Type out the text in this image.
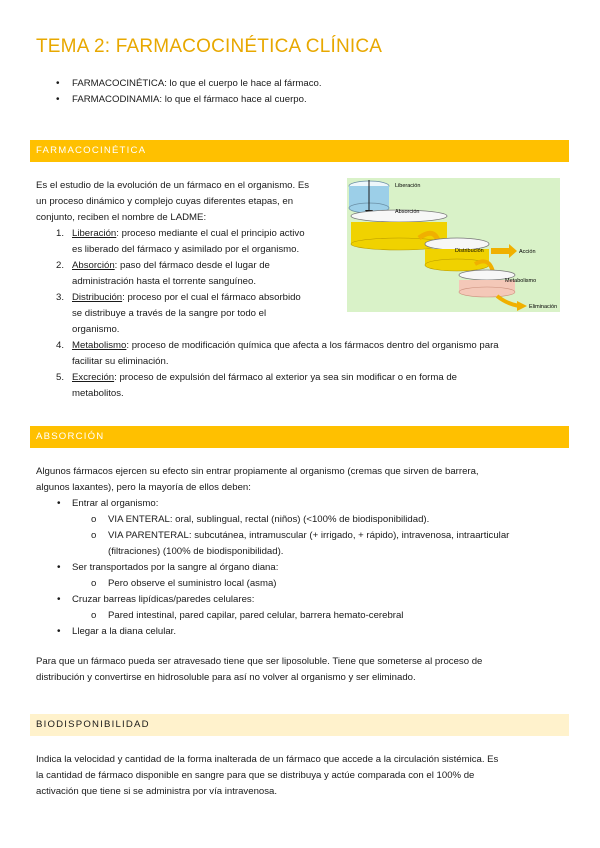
TEMA 2: FARMACOCINÉTICA CLÍNICA
• FARMACOCINÉTICA: lo que el cuerpo le hace al fármaco.
• FARMACODINAMIA: lo que el fármaco hace al cuerpo.
FARMACOCINÉTICA
Es el estudio de la evolución de un fármaco en el organismo. Es
un proceso dinámico y complejo cuyas diferentes etapas, en
conjunto, reciben el nombre de LADME:
1. Liberación: proceso mediante el cual el principio activo
es liberado del fármaco y asimilado por el organismo.
2. Absorción: paso del fármaco desde el lugar de
administración hasta el torrente sanguíneo.
3. Distribución: proceso por el cual el fármaco absorbido
se distribuye a través de la sangre por todo el
organismo.
4. Metabolismo: proceso de modificación química que afecta a los fármacos dentro del organismo para
facilitar su eliminación.
5. Excreción: proceso de expulsión del fármaco al exterior ya sea sin modificar o en forma de
metabolitos.
Liberación
Absorción
Distribución	Acción
Metabolismo
Eliminación
ABSORCIÓN
Algunos fármacos ejercen su efecto sin entrar propiamente al organismo (cremas que sirven de barrera,
algunos laxantes), pero la mayoría de ellos deben:
• Entrar al organismo:
o VIA ENTERAL: oral, sublingual, rectal (niños) (<100% de biodisponibilidad).
o VIA PARENTERAL: subcutánea, intramuscular (+ irrigado, + rápido), intravenosa, intraarticular
(filtraciones) (100% de biodisponibilidad).
• Ser transportados por la sangre al órgano diana:
o Pero observe el suministro local (asma)
• Cruzar barreas lipídicas/paredes celulares:
o Pared intestinal, pared capilar, pared celular, barrera hemato-cerebral
• Llegar a la diana celular.
Para que un fármaco pueda ser atravesado tiene que ser liposoluble. Tiene que someterse al proceso de
distribución y convertirse en hidrosoluble para así no volver al organismo y ser eliminado.
BIODISPONIBILIDAD
Indica la velocidad y cantidad de la forma inalterada de un fármaco que accede a la circulación sistémica. Es
la cantidad de fármaco disponible en sangre para que se distribuya y actúe comparada con el 100% de
activación que tiene si se administra por vía intravenosa.
